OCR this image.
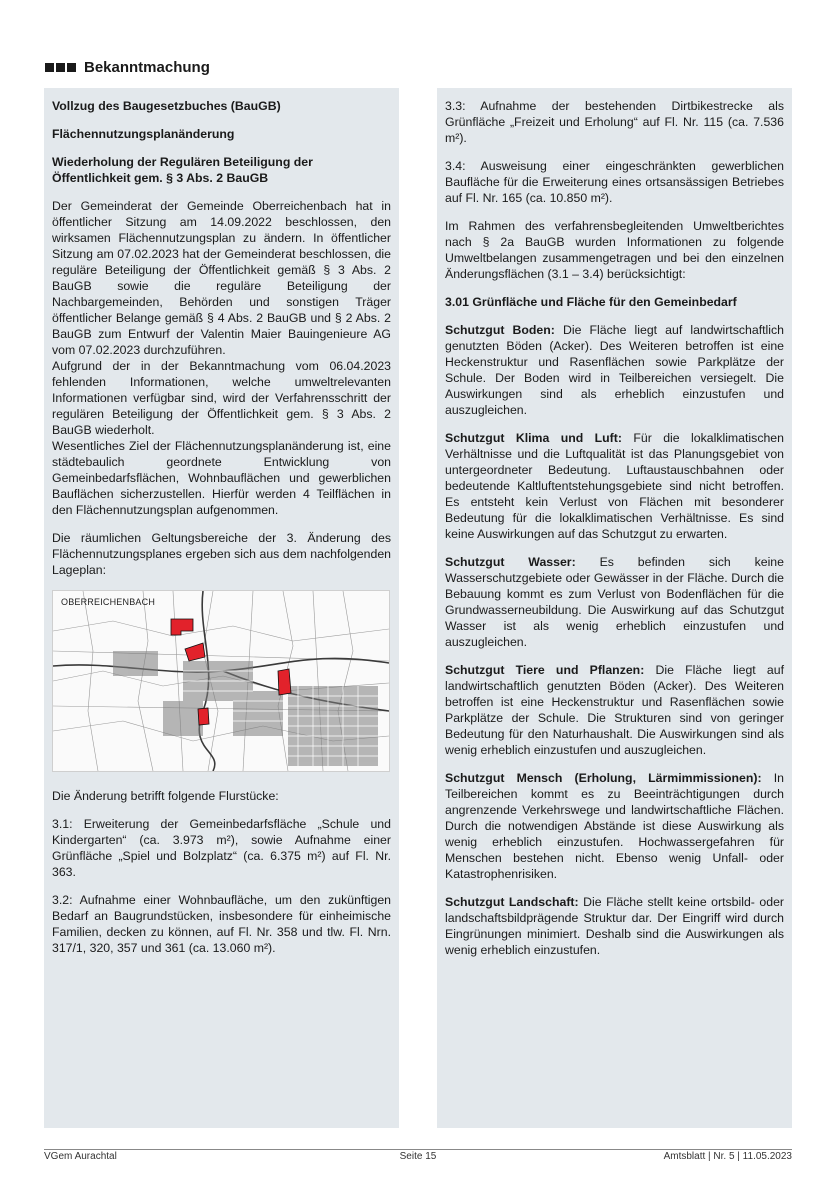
Bekanntmachung
Vollzug des Baugesetzbuches (BauGB)
Flächennutzungsplanänderung
Wiederholung der Regulären Beteiligung der Öffentlichkeit gem. § 3 Abs. 2 BauGB

Der Gemeinderat der Gemeinde Oberreichenbach hat in öffentlicher Sitzung am 14.09.2022 beschlossen, den wirksamen Flächennutzungsplan zu ändern. In öffentlicher Sitzung am 07.02.2023 hat der Gemeinderat beschlossen, die reguläre Beteiligung der Öffentlichkeit gemäß § 3 Abs. 2 BauGB sowie die reguläre Beteiligung der Nachbargemeinden, Behörden und sonstigen Träger öffentlicher Belange gemäß § 4 Abs. 2 BauGB und § 2 Abs. 2 BauGB zum Entwurf der Valentin Maier Bauingenieure AG vom 07.02.2023 durchzuführen.

Aufgrund der in der Bekanntmachung vom 06.04.2023 fehlenden Informationen, welche umweltrelevanten Informationen verfügbar sind, wird der Verfahrensschritt der regulären Beteiligung der Öffentlichkeit gem. § 3 Abs. 2 BauGB wiederholt.

Wesentliches Ziel der Flächennutzungsplanänderung ist, eine städtebaulich geordnete Entwicklung von Gemeinbedarfsflächen, Wohnbauflächen und gewerblichen Bauflächen sicherzustellen. Hierfür werden 4 Teilflächen in den Flächennutzungsplan aufgenommen.

Die räumlichen Geltungsbereiche der 3. Änderung des Flächennutzungsplanes ergeben sich aus dem nachfolgenden Lageplan:

OBERREICHENBACH

Die Änderung betrifft folgende Flurstücke:

3.1: Erweiterung der Gemeinbedarfsfläche „Schule und Kindergarten“ (ca. 3.973 m²), sowie Aufnahme einer Grünfläche „Spiel und Bolzplatz“ (ca. 6.375 m²) auf Fl. Nr. 363.

3.2: Aufnahme einer Wohnbaufläche, um den zukünftigen Bedarf an Baugrundstücken, insbesondere für einheimische Familien, decken zu können, auf Fl. Nr. 358 und tlw. Fl. Nrn. 317/1, 320, 357 und 361 (ca. 13.060 m²).

3.3: Aufnahme der bestehenden Dirtbikestrecke als Grünfläche „Freizeit und Erholung“ auf Fl. Nr. 115 (ca. 7.536 m²).

3.4: Ausweisung einer eingeschränkten gewerblichen Baufläche für die Erweiterung eines ortsansässigen Betriebes auf Fl. Nr. 165 (ca. 10.850 m²).

Im Rahmen des verfahrensbegleitenden Umweltberichtes nach § 2a BauGB wurden Informationen zu folgende Umweltbelangen zusammengetragen und bei den einzelnen Änderungsflächen (3.1 – 3.4) berücksichtigt:

3.01 Grünfläche und Fläche für den Gemeinbedarf

Schutzgut Boden: Die Fläche liegt auf landwirtschaftlich genutzten Böden (Acker). Des Weiteren betroffen ist eine Heckenstruktur und Rasenflächen sowie Parkplätze der Schule. Der Boden wird in Teilbereichen versiegelt. Die Auswirkungen sind als erheblich einzustufen und auszugleichen.

Schutzgut Klima und Luft: Für die lokalklimatischen Verhältnisse und die Luftqualität ist das Planungsgebiet von untergeordneter Bedeutung. Luftaustauschbahnen oder bedeutende Kaltluftentstehungsgebiete sind nicht betroffen. Es entsteht kein Verlust von Flächen mit besonderer Bedeutung für die lokalklimatischen Verhältnisse. Es sind keine Auswirkungen auf das Schutzgut zu erwarten.

Schutzgut Wasser: Es befinden sich keine Wasserschutzgebiete oder Gewässer in der Fläche. Durch die Bebauung kommt es zum Verlust von Bodenflächen für die Grundwasserneubildung. Die Auswirkung auf das Schutzgut Wasser ist als wenig erheblich einzustufen und auszugleichen.

Schutzgut Tiere und Pflanzen: Die Fläche liegt auf landwirtschaftlich genutzten Böden (Acker). Des Weiteren betroffen ist eine Heckenstruktur und Rasenflächen sowie Parkplätze der Schule. Die Strukturen sind von geringer Bedeutung für den Naturhaushalt. Die Auswirkungen sind als wenig erheblich einzustufen und auszugleichen.

Schutzgut Mensch (Erholung, Lärmimmissionen): In Teilbereichen kommt es zu Beeinträchtigungen durch angrenzende Verkehrswege und landwirtschaftliche Flächen. Durch die notwendigen Abstände ist diese Auswirkung als wenig erheblich einzustufen. Hochwassergefahren für Menschen bestehen nicht. Ebenso wenig Unfall- oder Katastrophenrisiken.

Schutzgut Landschaft: Die Fläche stellt keine ortsbild- oder landschaftsbildprägende Struktur dar. Der Eingriff wird durch Eingrünungen minimiert. Deshalb sind die Auswirkungen als wenig erheblich einzustufen.

VGem Aurachtal	Seite 15	Amtsblatt | Nr. 5 | 11.05.2023
